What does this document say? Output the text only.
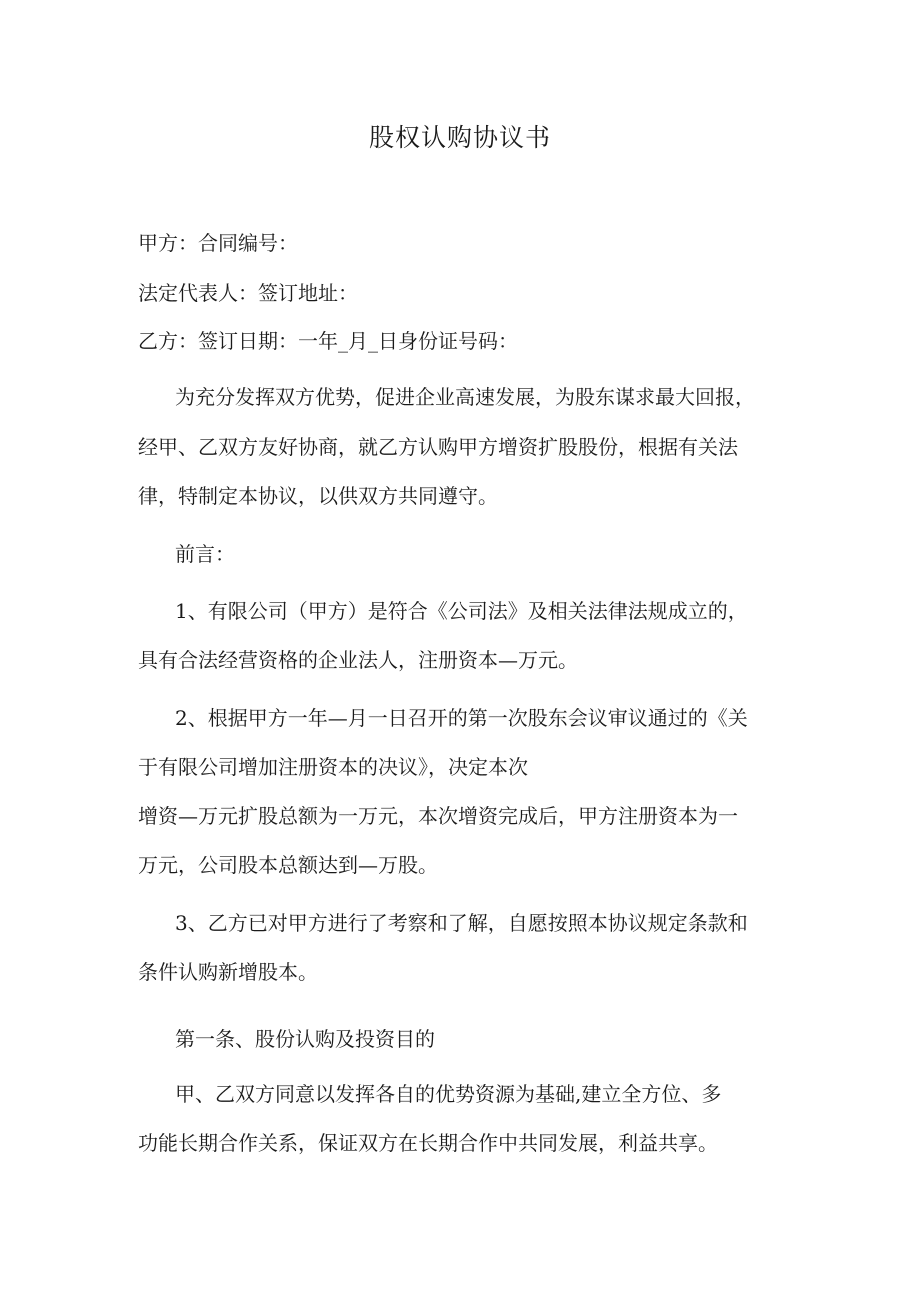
股权认购协议书

甲方：合同编号：

法定代表人：签订地址：

乙方：签订日期：一年_月_日身份证号码：

为充分发挥双方优势，促进企业高速发展，为股东谋求最大回报，

经甲、乙双方友好协商，就乙方认购甲方增资扩股股份，根据有关法

律，特制定本协议，以供双方共同遵守。

前言：

1、有限公司（甲方）是符合《公司法》及相关法律法规成立的，

具有合法经营资格的企业法人，注册资本—万元。

2、根据甲方一年—月一日召开的第一次股东会议审议通过的《关

于有限公司增加注册资本的决议》，决定本次

增资—万元扩股总额为一万元，本次增资完成后，甲方注册资本为一

万元，公司股本总额达到—万股。

3、乙方已对甲方进行了考察和了解，自愿按照本协议规定条款和

条件认购新增股本。

第一条、股份认购及投资目的

甲、乙双方同意以发挥各自的优势资源为基础,建立全方位、多

功能长期合作关系，保证双方在长期合作中共同发展，利益共享。
